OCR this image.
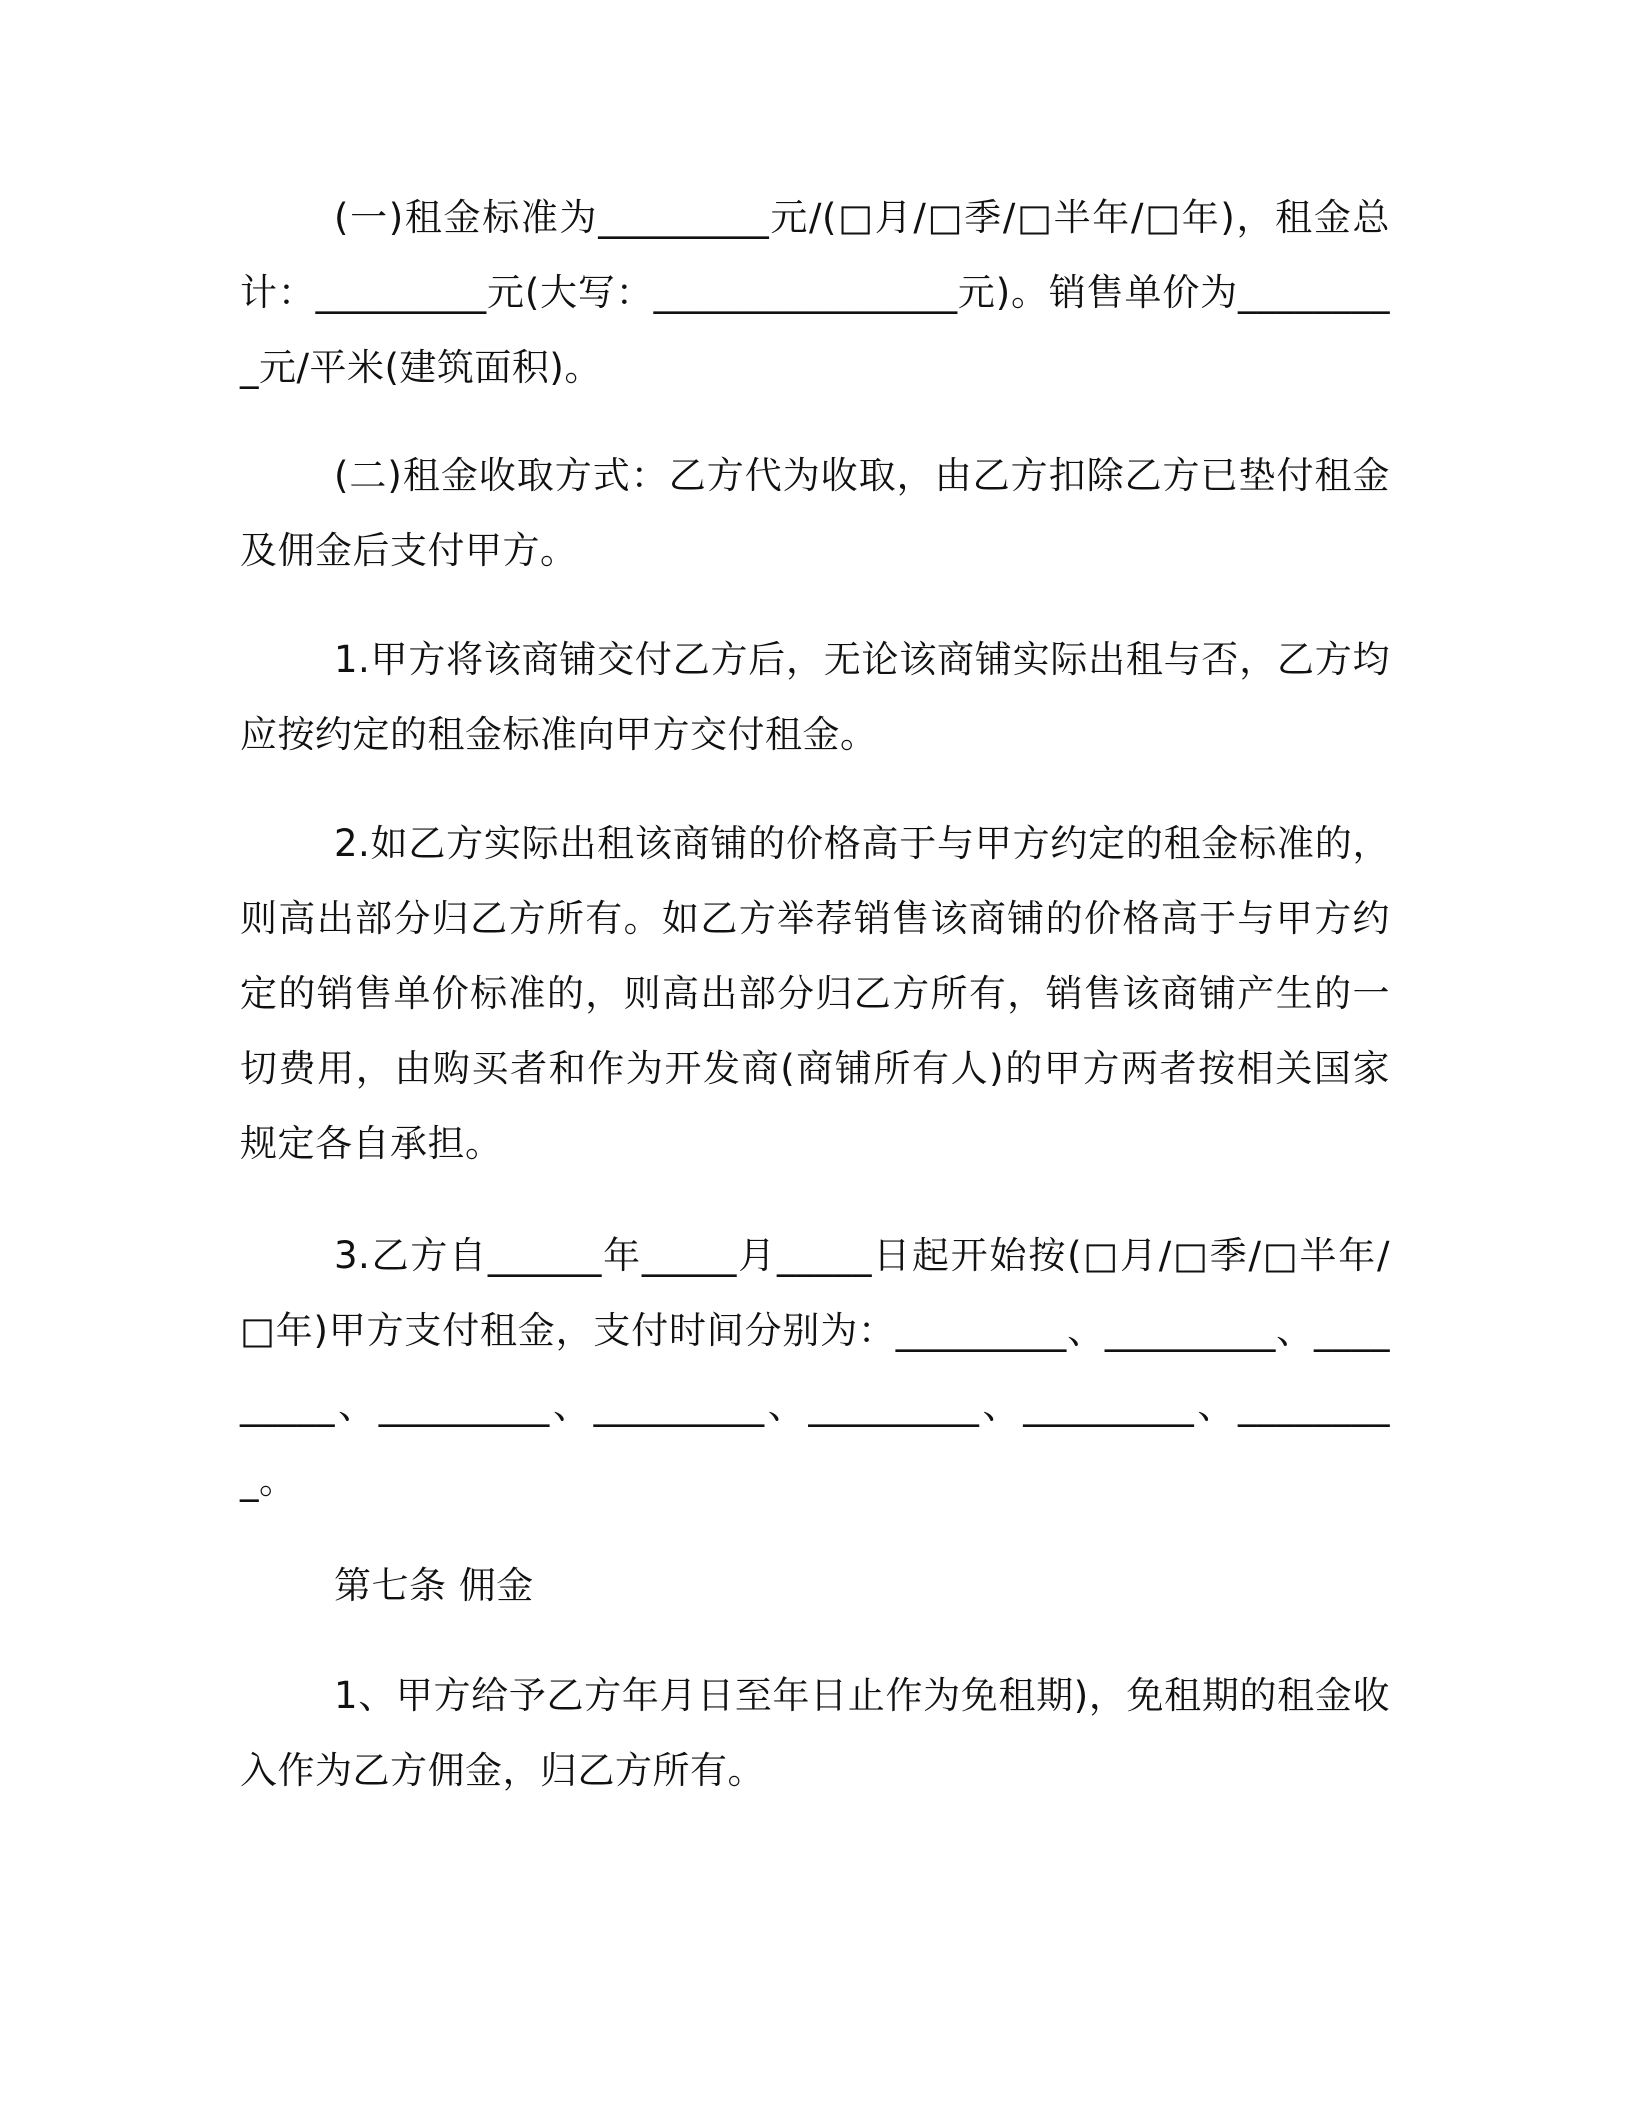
(一)租金标准为_________元/(□月/□季/□半年/□年)，租金总计：_________元(大写：________________元)。销售单价为_________元/平米(建筑面积)。

(二)租金收取方式：乙方代为收取，由乙方扣除乙方已垫付租金及佣金后支付甲方。

1.甲方将该商铺交付乙方后，无论该商铺实际出租与否，乙方均应按约定的租金标准向甲方交付租金。

2.如乙方实际出租该商铺的价格高于与甲方约定的租金标准的，则高出部分归乙方所有。如乙方举荐销售该商铺的价格高于与甲方约定的销售单价标准的，则高出部分归乙方所有，销售该商铺产生的一切费用，由购买者和作为开发商(商铺所有人)的甲方两者按相关国家规定各自承担。

3.乙方自______年_____月_____日起开始按(□月/□季/□半年/□年)甲方支付租金，支付时间分别为：_________、_________、_________、_________、_________、_________、_________、_________。

第七条 佣金

1、甲方给予乙方年月日至年日止作为免租期)，免租期的租金收入作为乙方佣金，归乙方所有。
